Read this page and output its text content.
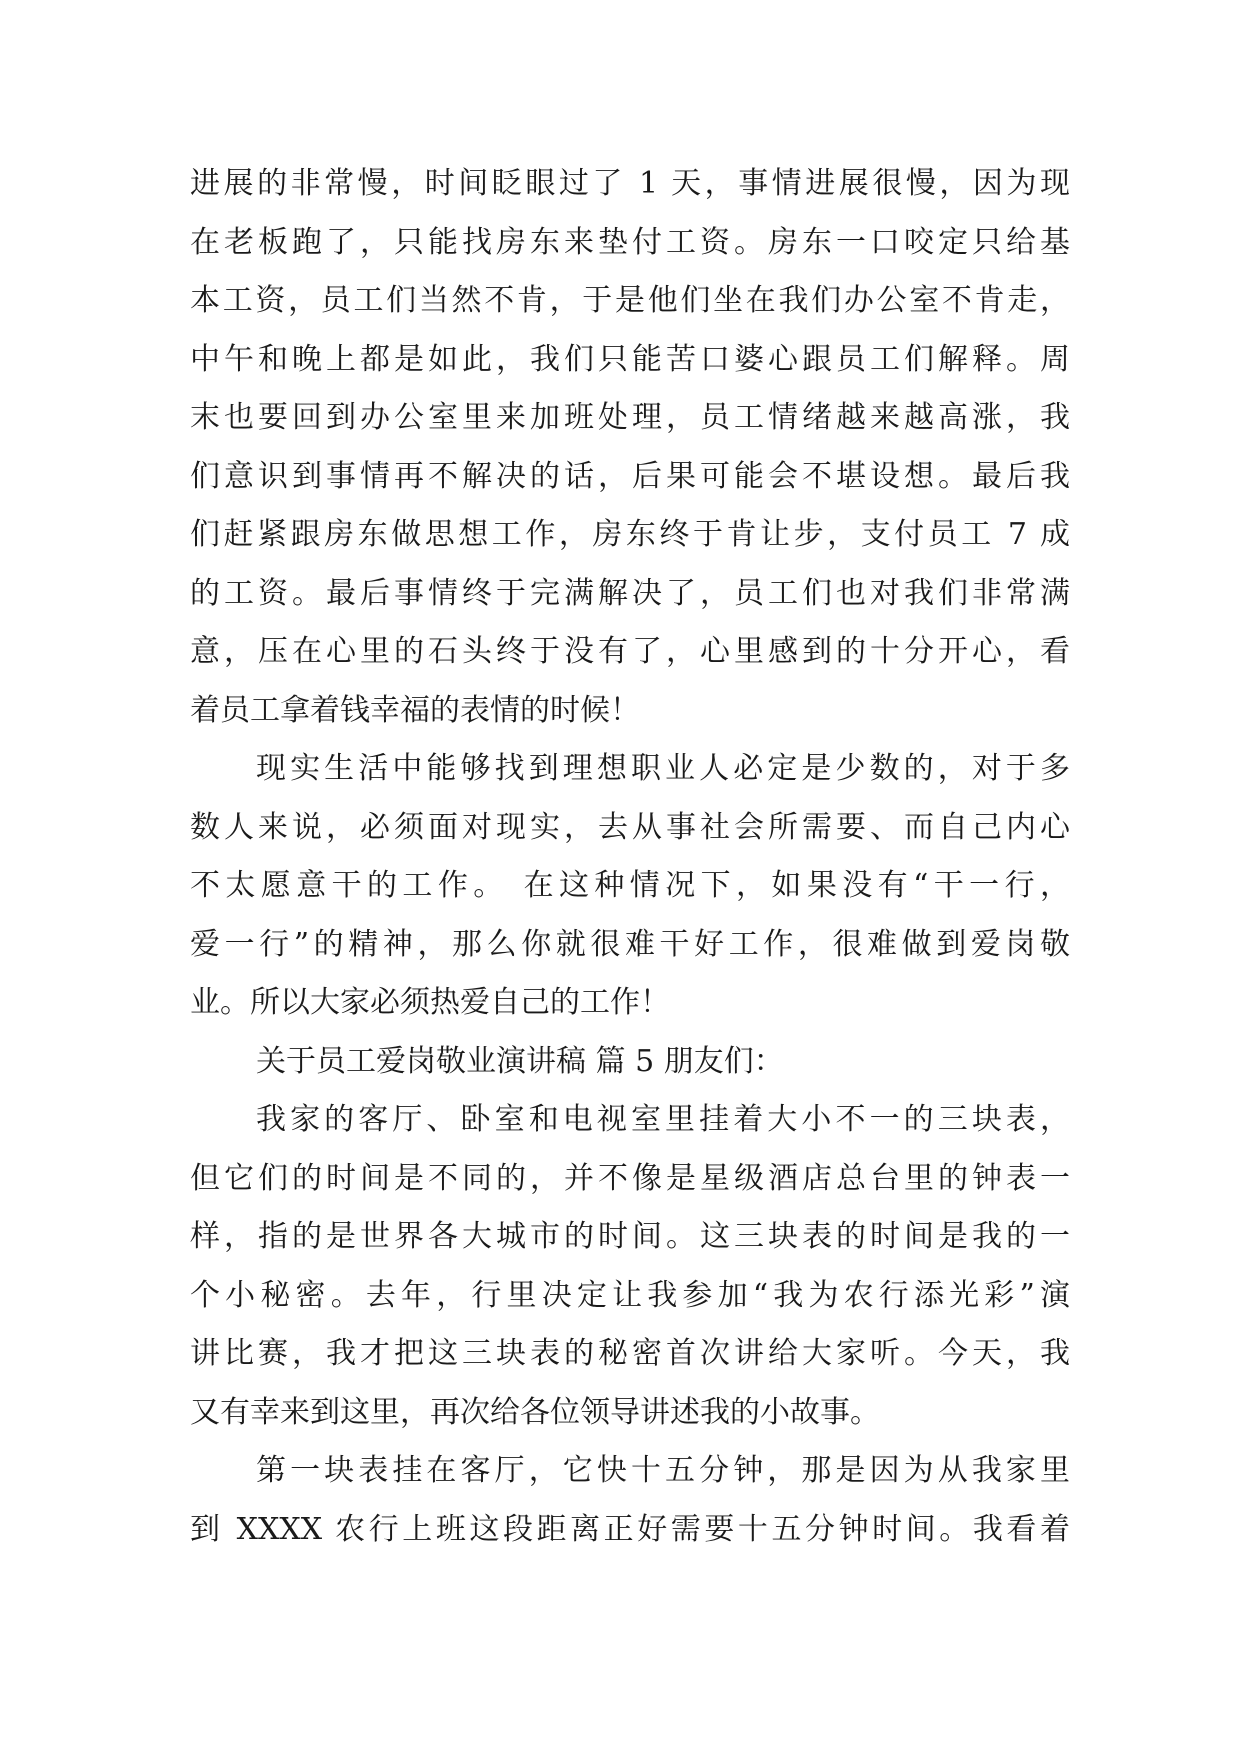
进展的非常慢，时间眨眼过了 1 天，事情进展很慢，因为现
在老板跑了，只能找房东来垫付工资。房东一口咬定只给基
本工资，员工们当然不肯，于是他们坐在我们办公室不肯走，
中午和晚上都是如此，我们只能苦口婆心跟员工们解释。周
末也要回到办公室里来加班处理，员工情绪越来越高涨，我
们意识到事情再不解决的话，后果可能会不堪设想。最后我
们赶紧跟房东做思想工作，房东终于肯让步，支付员工 7 成
的工资。最后事情终于完满解决了，员工们也对我们非常满
意，压在心里的石头终于没有了，心里感到的十分开心，看
着员工拿着钱幸福的表情的时候！
现实生活中能够找到理想职业人必定是少数的，对于多
数人来说，必须面对现实，去从事社会所需要、而自己内心
不太愿意干的工作。 在这种情况下，如果没有“干一行，
爱一行”的精神，那么你就很难干好工作，很难做到爱岗敬
业。所以大家必须热爱自己的工作！
关于员工爱岗敬业演讲稿 篇 5 朋友们：
我家的客厅、卧室和电视室里挂着大小不一的三块表，
但它们的时间是不同的，并不像是星级酒店总台里的钟表一
样，指的是世界各大城市的时间。这三块表的时间是我的一
个小秘密。去年，行里决定让我参加“我为农行添光彩”演
讲比赛，我才把这三块表的秘密首次讲给大家听。今天，我
又有幸来到这里，再次给各位领导讲述我的小故事。
第一块表挂在客厅，它快十五分钟，那是因为从我家里
到 XXXX 农行上班这段距离正好需要十五分钟时间。我看着
